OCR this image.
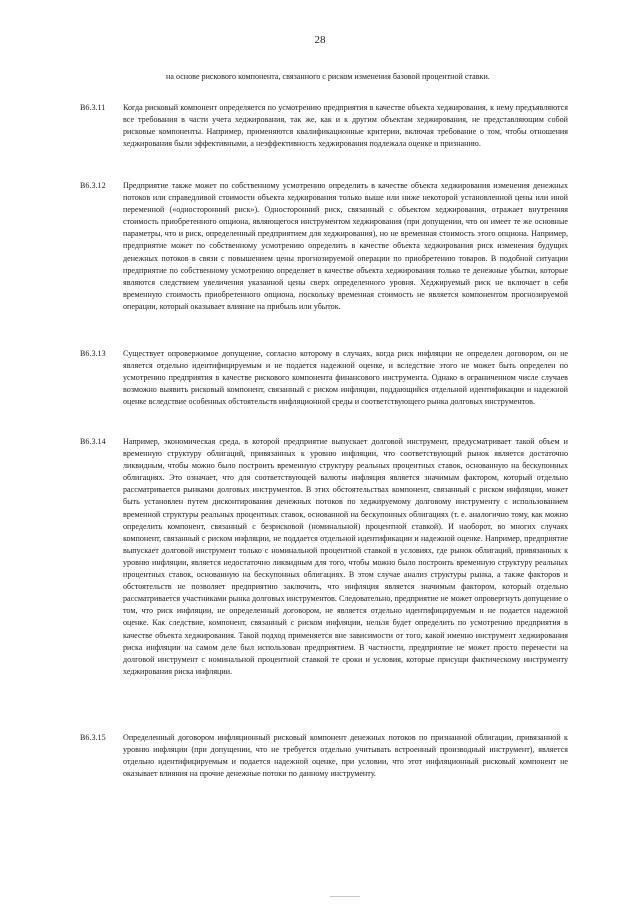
28
на основе рискового компонента, связанного с риском изменения базовой процентной ставки.
B6.3.11	Когда рисковый компонент определяется по усмотрению предприятия в качестве объекта хеджирования, к нему предъявляются все требования в части учета хеджирования, так же, как и к другим объектам хеджирования, не представляющим собой рисковые компоненты. Например, применяются квалификационные критерии, включая требование о том, чтобы отношения хеджирования были эффективными, а неэффективность хеджирования подлежала оценке и признанию.
B6.3.12	Предприятие также может по собственному усмотрению определить в качестве объекта хеджирования изменения денежных потоков или справедливой стоимости объекта хеджирования только выше или ниже некоторой установленной цены или иной переменной («односторонний риск»). Односторонний риск, связанный с объектом хеджирования, отражает внутренняя стоимость приобретенного опциона, являющегося инструментом хеджирования (при допущении, что он имеет те же основные параметры, что и риск, определенный предприятием для хеджирования), но не временная стоимость этого опциона. Например, предприятие может по собственному усмотрению определить в качестве объекта хеджирования риск изменения будущих денежных потоков в связи с повышением цены прогнозируемой операции по приобретению товаров. В подобной ситуации предприятие по собственному усмотрению определяет в качестве объекта хеджирования только те денежные убытки, которые являются следствием увеличения указанной цены сверх определенного уровня. Хеджируемый риск не включает в себя временную стоимость приобретенного опциона, поскольку временная стоимость не является компонентом прогнозируемой операции, который оказывает влияние на прибыль или убыток.
B6.3.13	Существует опровержимое допущение, согласно которому в случаях, когда риск инфляции не определен договором, он не является отдельно идентифицируемым и не подается надежной оценке, и вследствие этого не может быть определен по усмотрению предприятия в качестве рискового компонента финансового инструмента. Однако в ограниченном числе случаев возможно выявить рисковый компонент, связанный с риском инфляции, поддающийся отдельной идентификации и надежной оценке вследствие особенных обстоятельств инфляционной среды и соответствующего рынка долговых инструментов.
B6.3.14	Например, экономическая среда, в которой предприятие выпускает долговой инструмент, предусматривает такой объем и временную структуру облигаций, привязанных к уровню инфляции, что соответствующий рынок является достаточно ликвидным, чтобы можно было построить временную структуру реальных процентных ставок, основанную на бескупонных облигациях. Это означает, что для соответствующей валюты инфляция является значимым фактором, который отдельно рассматривается рынками долговых инструментов. В этих обстоятельствах компонент, связанный с риском инфляции, может быть установлен путем дисконтирования денежных потоков по хеджируемому долговому инструменту с использованием временной структуры реальных процентных ставок, основанной на бескупонных облигациях (т. е. аналогично тому, как можно определить компонент, связанный с безрисковой (номинальной) процентной ставкой). И наоборот, во многих случаях компонент, связанный с риском инфляции, не поддается отдельной идентификации и надежной оценке. Например, предприятие выпускает долговой инструмент только с номинальной процентной ставкой в условиях, где рынок облигаций, привязанных к уровню инфляции, является недостаточно ликвидным для того, чтобы можно было построить временную структуру реальных процентных ставок, основанную на бескупонных облигациях. В этом случае анализ структуры рынка, а также факторов и обстоятельств не позволяет предприятию заключить, что инфляция является значимым фактором, который отдельно рассматривается участниками рынка долговых инструментов. Следовательно, предприятие не может опровергнуть допущение о том, что риск инфляции, не определенный договором, не является отдельно идентифицируемым и не подается надежной оценке. Как следствие, компонент, связанный с риском инфляции, нельзя будет определить по усмотрению предприятия в качестве объекта хеджирования. Такой подход применяется вне зависимости от того, какой именно инструмент хеджирования риска инфляции на самом деле был использован предприятием. В частности, предприятие не может просто перенести на долговой инструмент с номинальной процентной ставкой те сроки и условия, которые присущи фактическому инструменту хеджирования риска инфляции.
B6.3.15	Определенный договором инфляционный рисковый компонент денежных потоков по признанной облигации, привязанной к уровню инфляции (при допущении, что не требуется отдельно учитывать встроенный производный инструмент), является отдельно идентифицируемым и подается надежной оценке, при условии, что этот инфляционный рисковый компонент не оказывает влияния на прочие денежные потоки по данному инструменту.
